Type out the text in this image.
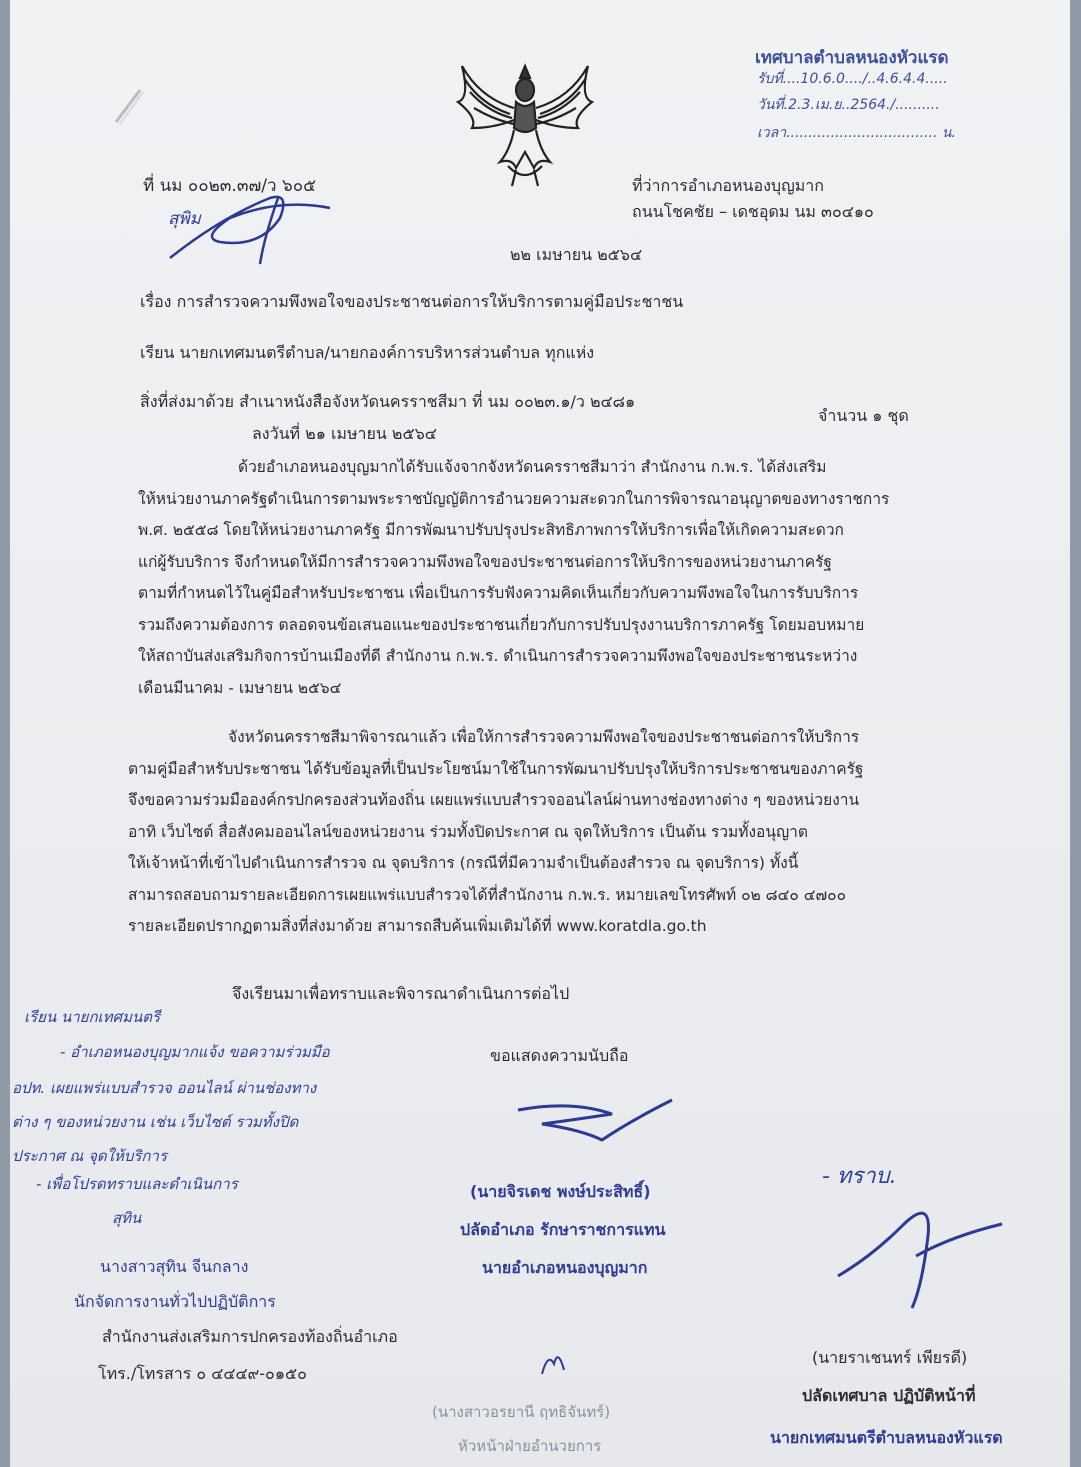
เทศบาลตำบลหนองหัวแรด
รับที่....10.6.0..../..4.6.4.4.....
วันที่.2.3.เม.ย..2564./..........
เวลา.................................. น.
ที่ นม ๐๐๒๓.๓๗/ว ๖๐๕
สุพิม
ที่ว่าการอำเภอหนองบุญมาก
ถนนโชคชัย – เดชอุดม นม ๓๐๔๑๐
๒๒ เมษายน ๒๕๖๔
เรื่อง การสำรวจความพึงพอใจของประชาชนต่อการให้บริการตามคู่มือประชาชน
เรียน นายกเทศมนตรีตำบล/นายกองค์การบริหารส่วนตำบล ทุกแห่ง
สิ่งที่ส่งมาด้วย สำเนาหนังสือจังหวัดนครราชสีมา ที่ นม ๐๐๒๓.๑/ว ๒๔๘๑
จำนวน ๑ ชุด
ลงวันที่ ๒๑ เมษายน ๒๕๖๔
ด้วยอำเภอหนองบุญมากได้รับแจ้งจากจังหวัดนครราชสีมาว่า สำนักงาน ก.พ.ร. ได้ส่งเสริม
ให้หน่วยงานภาครัฐดำเนินการตามพระราชบัญญัติการอำนวยความสะดวกในการพิจารณาอนุญาตของทางราชการ
พ.ศ. ๒๕๕๘ โดยให้หน่วยงานภาครัฐ มีการพัฒนาปรับปรุงประสิทธิภาพการให้บริการเพื่อให้เกิดความสะดวก
แก่ผู้รับบริการ จึงกำหนดให้มีการสำรวจความพึงพอใจของประชาชนต่อการให้บริการของหน่วยงานภาครัฐ
ตามที่กำหนดไว้ในคู่มือสำหรับประชาชน เพื่อเป็นการรับฟังความคิดเห็นเกี่ยวกับความพึงพอใจในการรับบริการ
รวมถึงความต้องการ ตลอดจนข้อเสนอแนะของประชาชนเกี่ยวกับการปรับปรุงงานบริการภาครัฐ โดยมอบหมาย
ให้สถาบันส่งเสริมกิจการบ้านเมืองที่ดี สำนักงาน ก.พ.ร. ดำเนินการสำรวจความพึงพอใจของประชาชนระหว่าง
เดือนมีนาคม - เมษายน ๒๕๖๔
จังหวัดนครราชสีมาพิจารณาแล้ว เพื่อให้การสำรวจความพึงพอใจของประชาชนต่อการให้บริการ
ตามคู่มือสำหรับประชาชน ได้รับข้อมูลที่เป็นประโยชน์มาใช้ในการพัฒนาปรับปรุงให้บริการประชาชนของภาครัฐ
จึงขอความร่วมมือองค์กรปกครองส่วนท้องถิ่น เผยแพร่แบบสำรวจออนไลน์ผ่านทางช่องทางต่าง ๆ ของหน่วยงาน
อาทิ เว็บไซต์ สื่อสังคมออนไลน์ของหน่วยงาน ร่วมทั้งปิดประกาศ ณ จุดให้บริการ เป็นต้น รวมทั้งอนุญาต
ให้เจ้าหน้าที่เข้าไปดำเนินการสำรวจ ณ จุดบริการ (กรณีที่มีความจำเป็นต้องสำรวจ ณ จุดบริการ) ทั้งนี้
สามารถสอบถามรายละเอียดการเผยแพร่แบบสำรวจได้ที่สำนักงาน ก.พ.ร. หมายเลขโทรศัพท์ ๐๒ ๘๔๐ ๔๗๐๐
รายละเอียดปรากฏตามสิ่งที่ส่งมาด้วย สามารถสืบค้นเพิ่มเติมได้ที่ www.koratdla.go.th
จึงเรียนมาเพื่อทราบและพิจารณาดำเนินการต่อไป
ขอแสดงความนับถือ
(นายจิรเดช พงษ์ประสิทธิ์)
ปลัดอำเภอ รักษาราชการแทน
นายอำเภอหนองบุญมาก
เรียน นายกเทศมนตรี
- อำเภอหนองบุญมากแจ้ง ขอความร่วมมือ
อปท. เผยแพร่แบบสำรวจ ออนไลน์ ผ่านช่องทาง
ต่าง ๆ ของหน่วยงาน เช่น เว็บไซต์ รวมทั้งปิด
ประกาศ ณ จุดให้บริการ
- เพื่อโปรดทราบและดำเนินการ
สุทิน
นางสาวสุทิน จีนกลาง
นักจัดการงานทั่วไปปฏิบัติการ
สำนักงานส่งเสริมการปกครองท้องถิ่นอำเภอ
โทร./โทรสาร ๐ ๔๔๔๙-๐๑๕๐
(นางสาวอรยานี ฤทธิจันทร์)
หัวหน้าฝ่ายอำนวยการ
- ทราบ.
(นายราเชนทร์ เพียรดี)
ปลัดเทศบาล ปฏิบัติหน้าที่
นายกเทศมนตรีตำบลหนองหัวแรด
